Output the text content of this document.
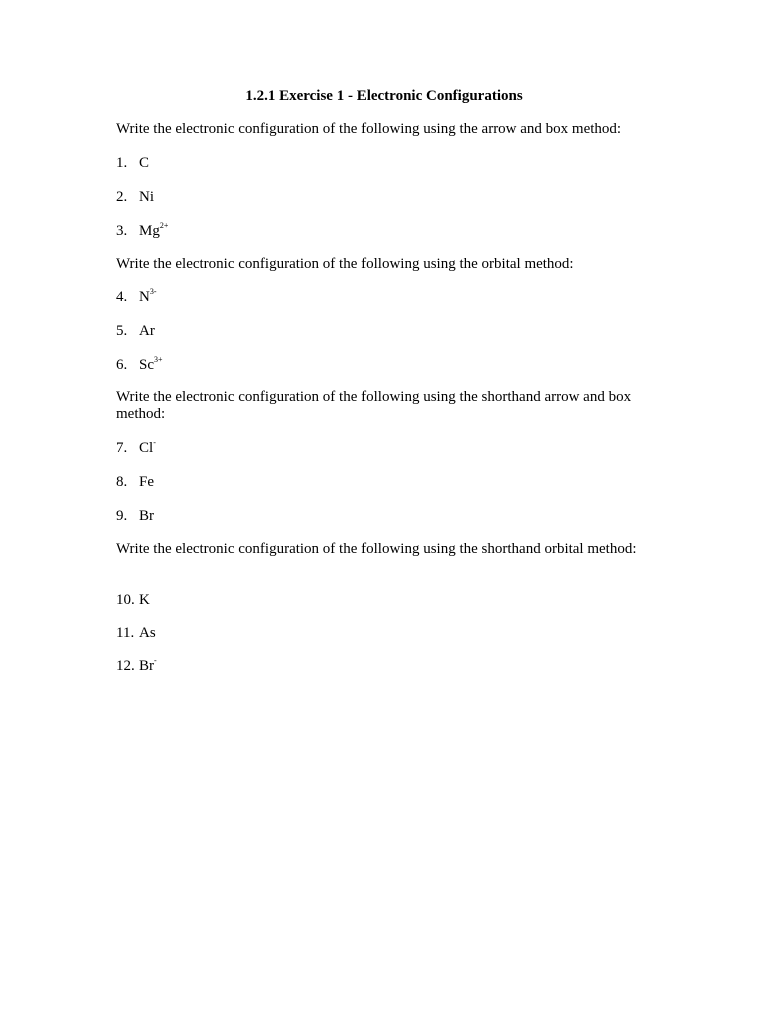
1.2.1 Exercise 1 - Electronic Configurations
Write the electronic configuration of the following using the arrow and box method:
1. C
2. Ni
3. $Mg^{2+}$
Write the electronic configuration of the following using the orbital method:
4. $N^{3-}$
5. Ar
6. $Sc^{3+}$
Write the electronic configuration of the following using the shorthand arrow and box method:
7. Cl-
8. Fe
9. Br
Write the electronic configuration of the following using the shorthand orbital method:
10. K
11. As
12. Br-
